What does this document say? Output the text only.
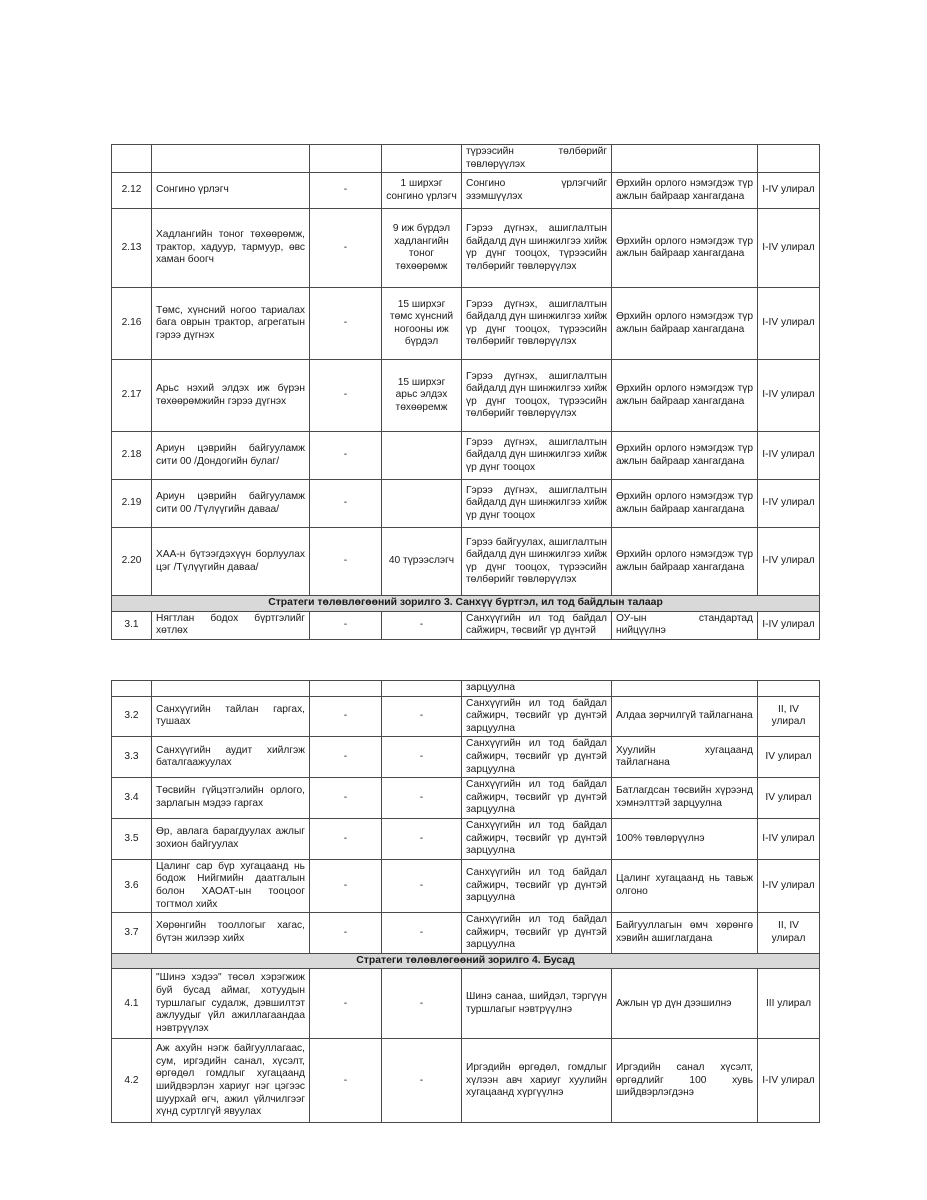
				түрээсийн төлбөрийг төвлөрүүлэх		
2.12	Сонгино үрлэгч	-	1 ширхэг сонгино үрлэгч	Сонгино үрлэгчийг эзэмшүүлэх	Өрхийн орлого нэмэгдэж түр ажлын байраар хангагдана	I-IV улирал
2.13	Хадлангийн тоног төхөөрөмж, трактор, хадуур, тармуур, өвс хаман боогч	-	9 иж бүрдэл хадлангийн тоног төхөөрөмж	Гэрээ дүгнэх, ашиглалтын байдалд дүн шинжилгээ хийж үр дүнг тооцох, түрээсийн төлбөрийг төвлөрүүлэх	Өрхийн орлого нэмэгдэж түр ажлын байраар хангагдана	I-IV улирал
2.16	Төмс, хүнсний ногоо тариалах бага оврын трактор, агрегатын гэрээ дүгнэх	-	15 ширхэг төмс хүнсний ногооны иж бүрдэл	Гэрээ дүгнэх, ашиглалтын байдалд дүн шинжилгээ хийж үр дүнг тооцох, түрээсийн төлбөрийг төвлөрүүлэх	Өрхийн орлого нэмэгдэж түр ажлын байраар хангагдана	I-IV улирал
2.17	Арьс нэхий элдэх иж бүрэн төхөөрөмжийн гэрээ дүгнэх	-	15 ширхэг арьс элдэх төхөөремж	Гэрээ дүгнэх, ашиглалтын байдалд дүн шинжилгээ хийж үр дүнг тооцох, түрээсийн төлбөрийг төвлөрүүлэх	Өрхийн орлого нэмэгдэж түр ажлын байраар хангагдана	I-IV улирал
2.18	Ариун цэврийн байгууламж сити 00 /Дондогийн булаг/	-		Гэрээ дүгнэх, ашиглалтын байдалд дүн шинжилгээ хийж үр дүнг тооцох	Өрхийн орлого нэмэгдэж түр ажлын байраар хангагдана	I-IV улирал
2.19	Ариун цэврийн байгууламж сити 00 /Түлүүгийн даваа/	-		Гэрээ дүгнэх, ашиглалтын байдалд дүн шинжилгээ хийж үр дүнг тооцох	Өрхийн орлого нэмэгдэж түр ажлын байраар хангагдана	I-IV улирал
2.20	ХАА-н бүтээгдэхүүн борлуулах цэг /Түлүүгийн даваа/	-	40 түрээслэгч	Гэрээ байгуулах, ашиглалтын байдалд дүн шинжилгээ хийж үр дүнг тооцох, түрээсийн төлбөрийг төвлөрүүлэх	Өрхийн орлого нэмэгдэж түр ажлын байраар хангагдана	I-IV улирал
Стратеги төлөвлөгөөний зорилго 3. Санхүү бүртгэл, ил тод байдлын талаар						
3.1	Нягтлан бодох бүртгэлийг хөтлөх	-	-	Санхүүгийн ил тод байдал сайжирч, төсвийг үр дүнтэй	ОУ-ын стандартад нийцүүлнэ	I-IV улирал
				зарцуулна		
3.2	Санхүүгийн тайлан гаргах, тушаах	-	-	Санхүүгийн ил тод байдал сайжирч, төсвийг үр дүнтэй зарцуулна	Алдаа зөрчилгүй тайлагнана	II, IV улирал
3.3	Санхүүгийн аудит хийлгэж баталгаажуулах	-	-	Санхүүгийн ил тод байдал сайжирч, төсвийг үр дүнтэй зарцуулна	Хуулийн хугацаанд тайлагнана	IV улирал
3.4	Төсвийн гүйцэтгэлийн орлого, зарлагын мэдээ гаргах	-	-	Санхүүгийн ил тод байдал сайжирч, төсвийг үр дүнтэй зарцуулна	Батлагдсан төсвийн хүрээнд хэмнэлттэй зарцуулна	IV улирал
3.5	Өр, авлага барагдуулах ажлыг зохион байгуулах	-	-	Санхүүгийн ил тод байдал сайжирч, төсвийг үр дүнтэй зарцуулна	100% төвлөрүүлнэ	I-IV улирал
3.6	Цалинг сар бүр хугацаанд нь бодож Нийгмийн даатгалын болон ХАОАТ-ын тооцоог тогтмол хийх	-	-	Санхүүгийн ил тод байдал сайжирч, төсвийг үр дүнтэй зарцуулна	Цалинг хугацаанд нь тавьж олгоно	I-IV улирал
3.7	Хөрөнгийн тооллогыг хагас, бүтэн жилээр хийх	-	-	Санхүүгийн ил тод байдал сайжирч, төсвийг үр дүнтэй зарцуулна	Байгууллагын өмч хөрөнгө хэвийн ашиглагдана	II, IV улирал
Стратеги төлөвлөгөөний зорилго 4. Бусад						
4.1	"Шинэ хэдээ" төсөл хэрэгжиж буй бусад аймаг, хотуудын туршлагыг судалж, дэвшилтэт ажлуудыг үйл ажиллагаандаа нэвтрүүлэх	-	-	Шинэ санаа, шийдэл, тэргүүн туршлагыг нэвтрүүлнэ	Ажлын үр дүн дээшилнэ	III улирал
4.2	Аж ахуйн нэгж байгууллагаас, сум, иргэдийн санал, хүсэлт, өргөдөл гомдлыг хугацаанд шийдвэрлэн хариуг нэг цэгээс шуурхай өгч, ажил үйлчилгээг хүнд суртлгүй явуулах	-	-	Иргэдийн өргөдөл, гомдлыг хүлээн авч хариуг хуулийн хугацаанд хүргүүлнэ	Иргэдийн санал хүсэлт, өргөдлийг 100 хувь шийдвэрлэгдэнэ	I-IV улирал
